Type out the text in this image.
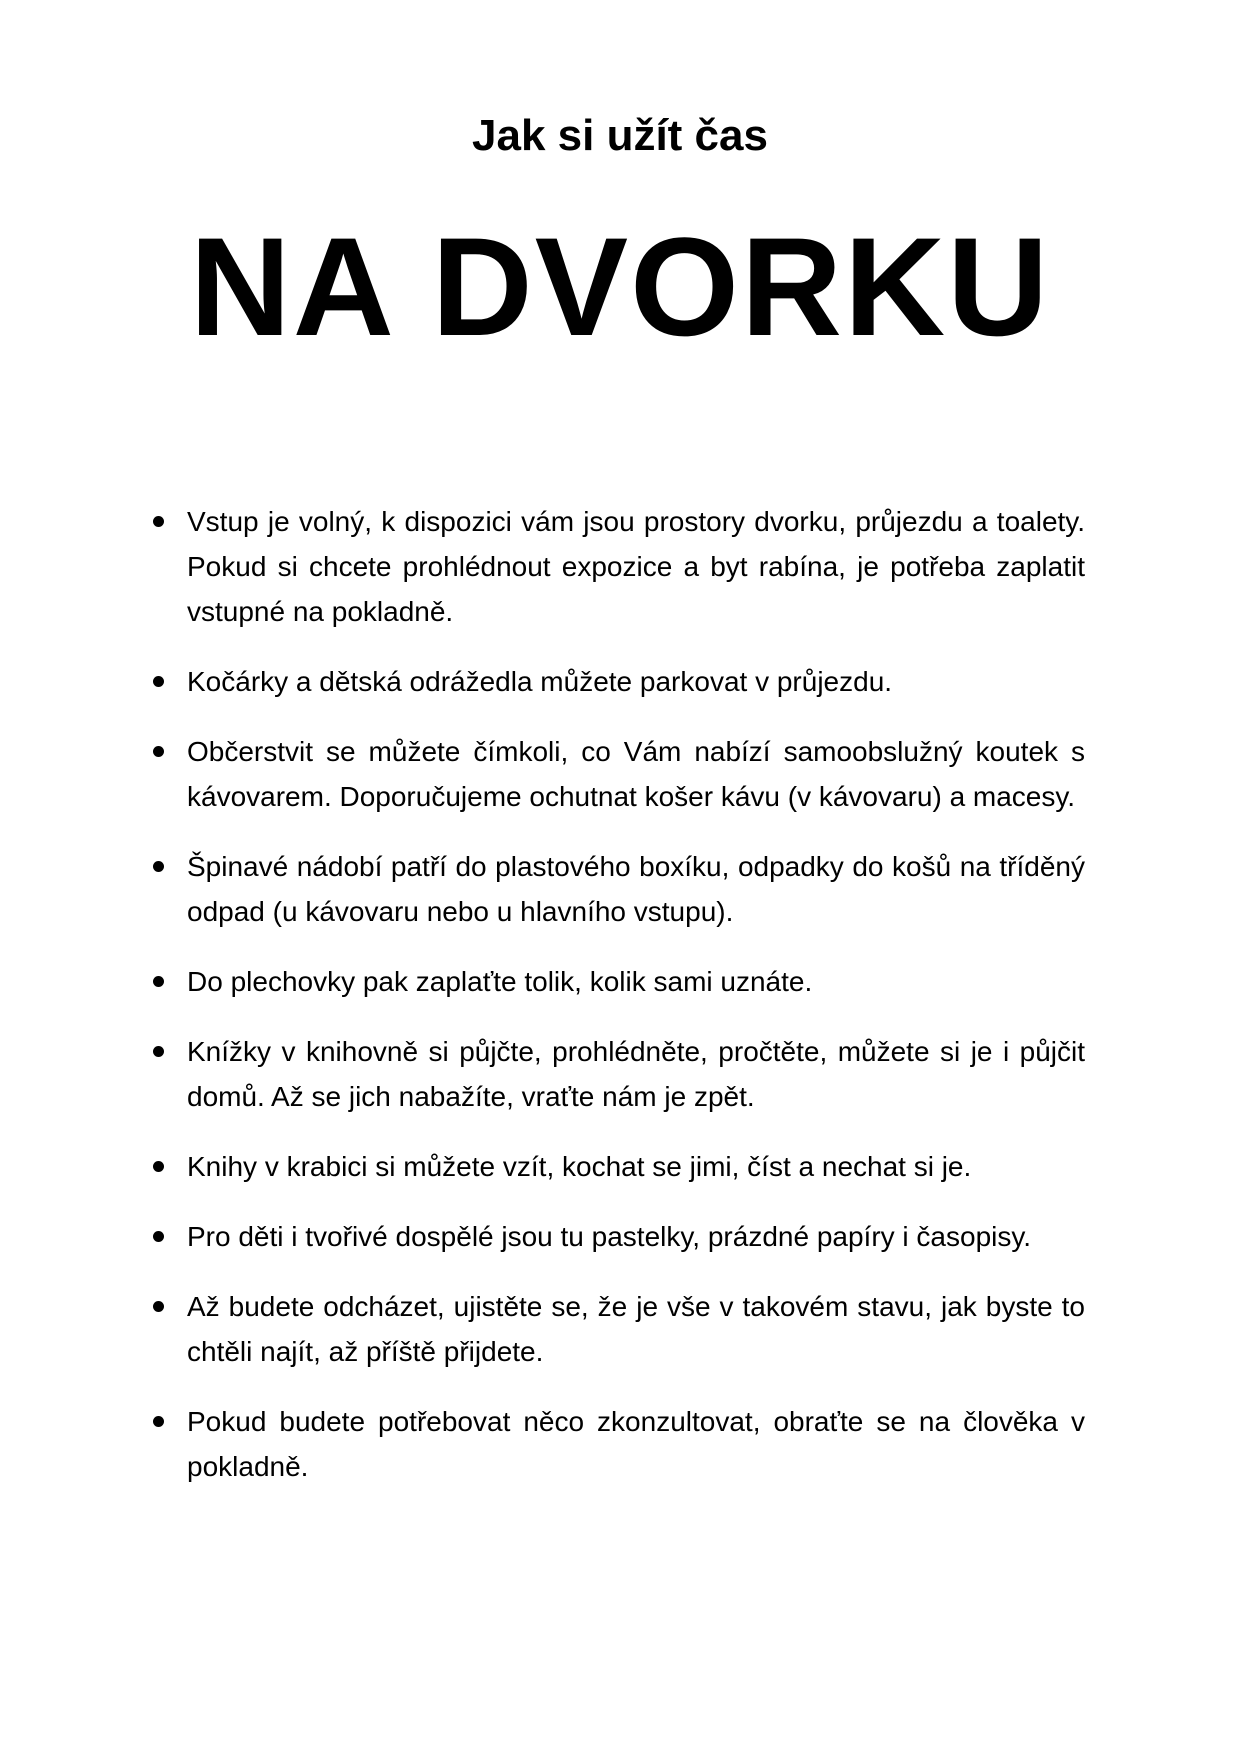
Jak si užít čas
NA DVORKU
Vstup je volný, k dispozici vám jsou prostory dvorku, průjezdu a toalety. Pokud si chcete prohlédnout expozice a byt rabína, je potřeba zaplatit vstupné na pokladně.
Kočárky a dětská odrážedla můžete parkovat v průjezdu.
Občerstvit se můžete čímkoli, co Vám nabízí samoobslužný koutek s kávovarem. Doporučujeme ochutnat košer kávu (v kávovaru) a macesy.
Špinavé nádobí patří do plastového boxíku, odpadky do košů na tříděný odpad (u kávovaru nebo u hlavního vstupu).
Do plechovky pak zaplaťte tolik, kolik sami uznáte.
Knížky v knihovně si půjčte, prohlédněte, pročtěte, můžete si je i půjčit domů. Až se jich nabažíte, vraťte nám je zpět.
Knihy v krabici si můžete vzít, kochat se jimi, číst a nechat si je.
Pro děti i tvořivé dospělé jsou tu pastelky, prázdné papíry i časopisy.
Až budete odcházet, ujistěte se, že je vše v takovém stavu, jak byste to chtěli najít, až příště přijdete.
Pokud budete potřebovat něco zkonzultovat, obraťte se na člověka v pokladně.
